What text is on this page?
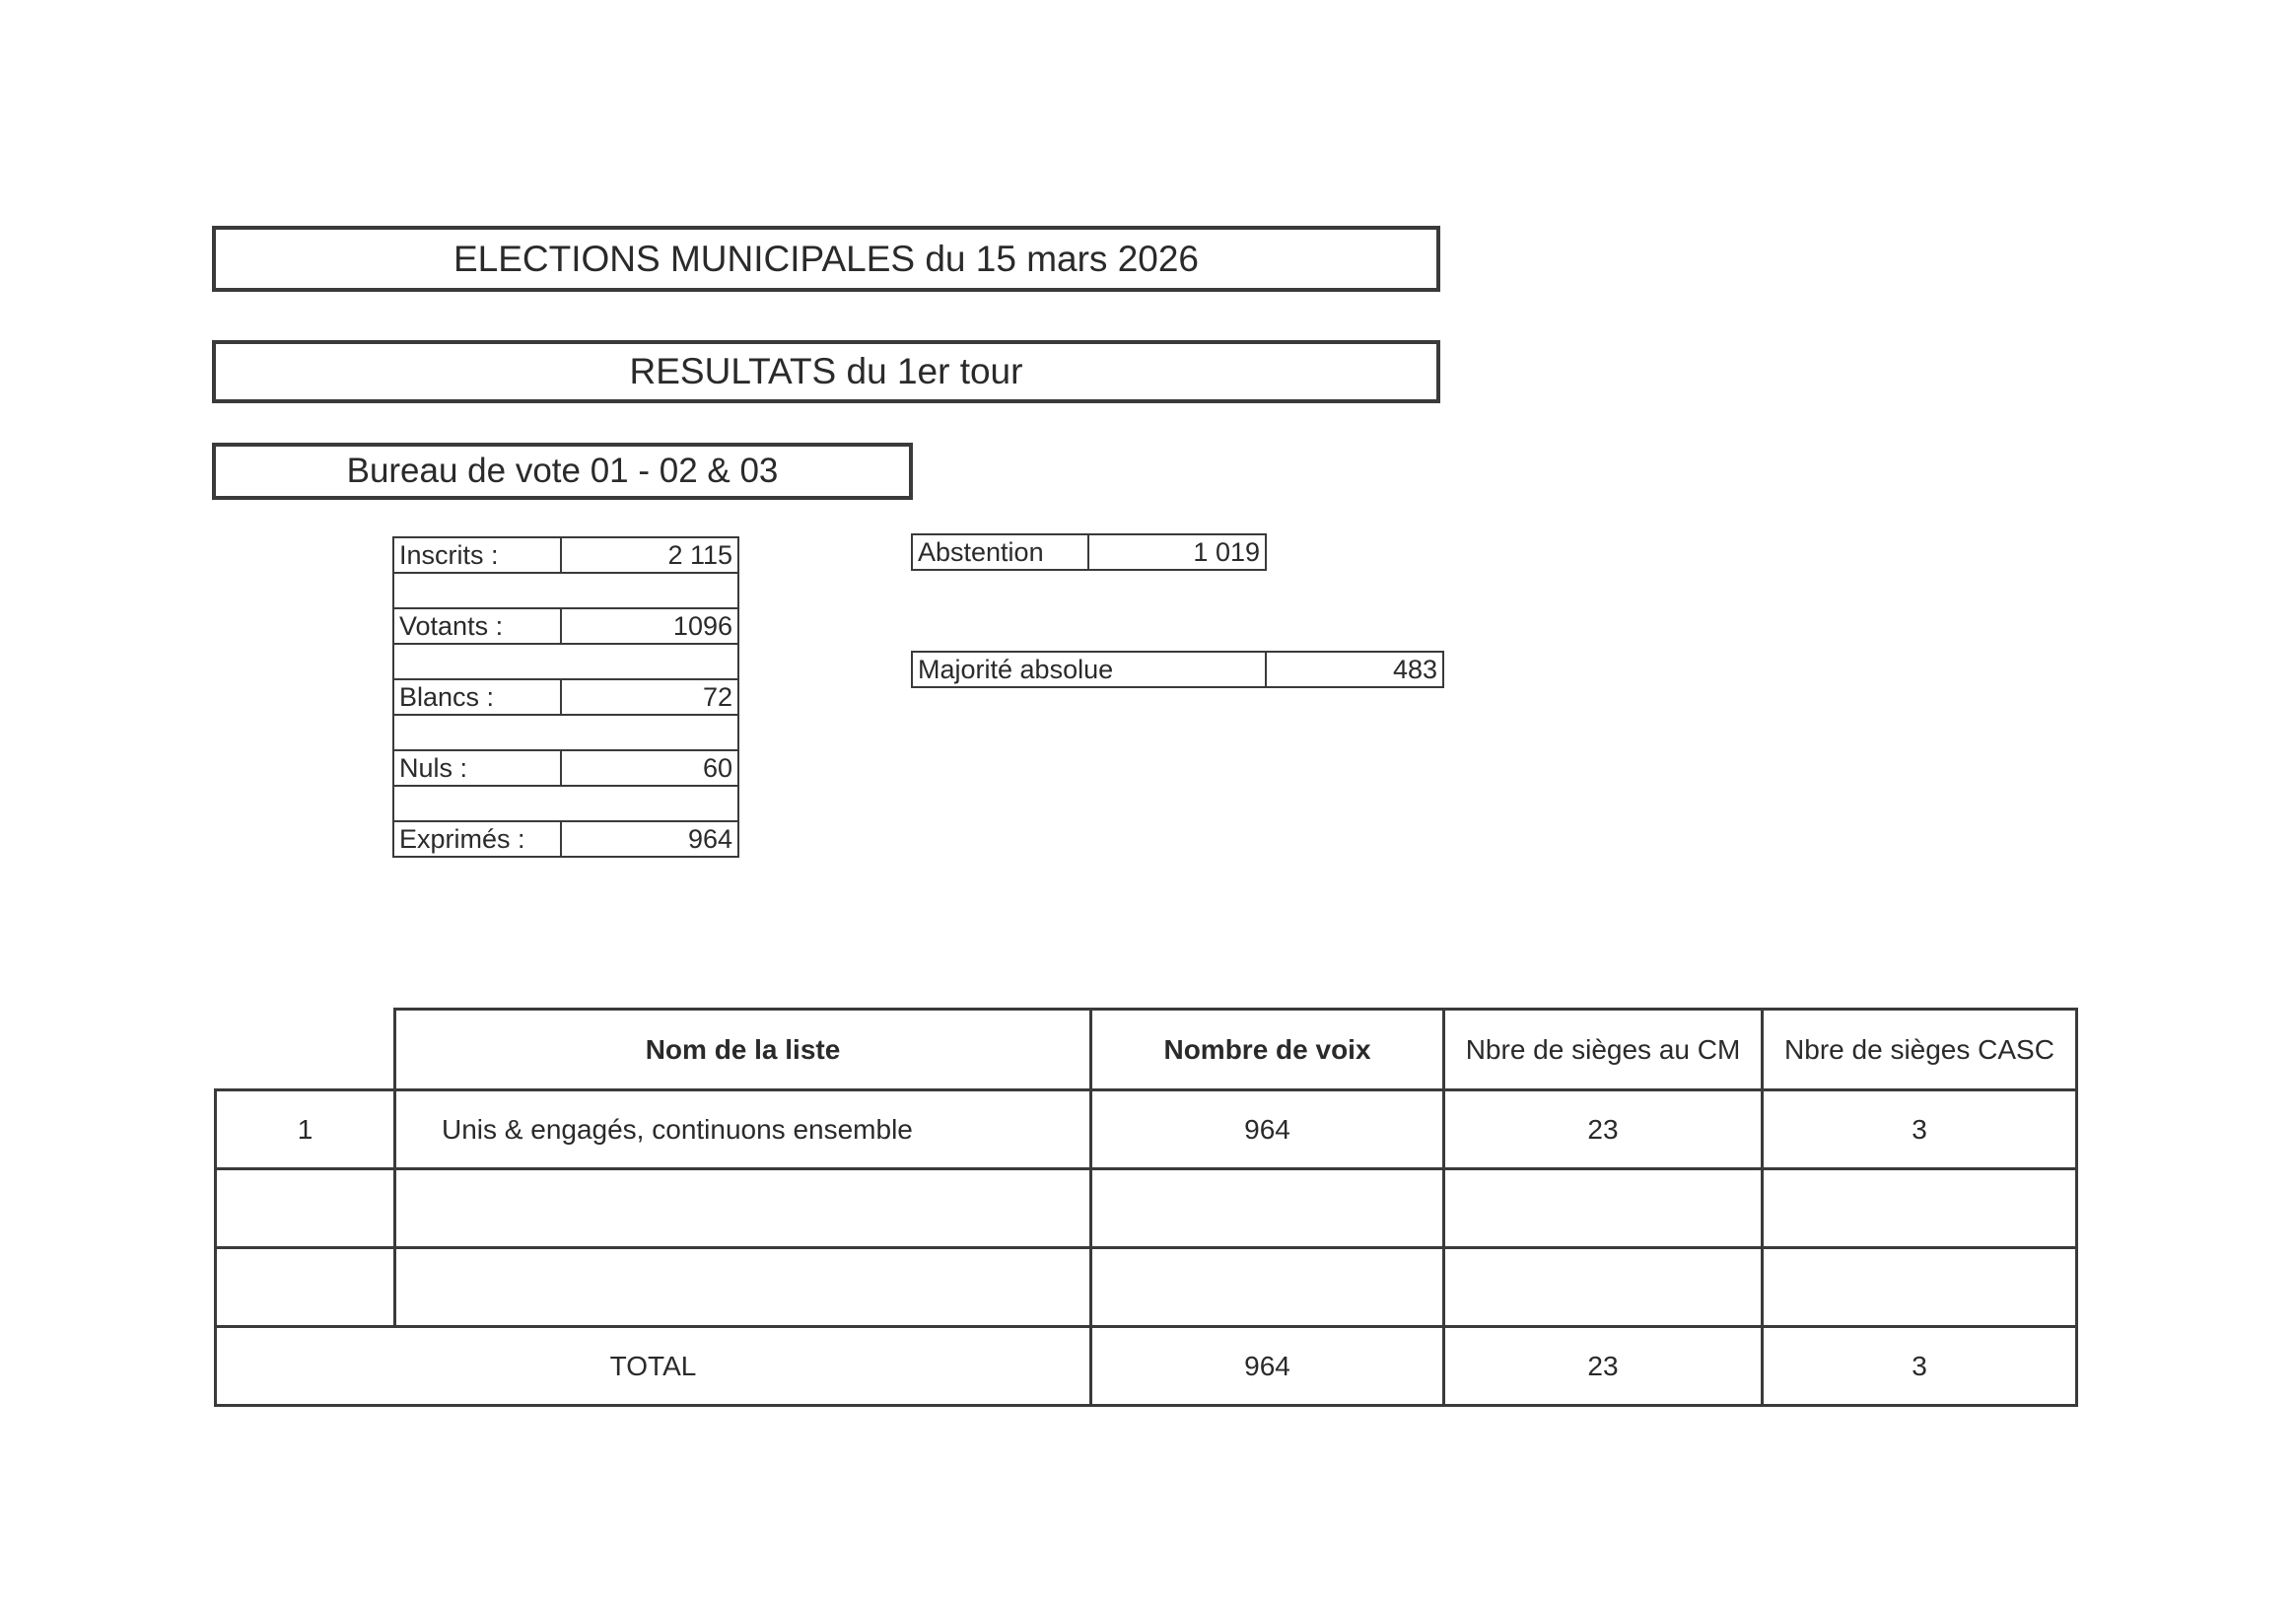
ELECTIONS MUNICIPALES du 15 mars 2026
RESULTATS du 1er tour
Bureau de vote 01 - 02 & 03
Inscrits :	2 115

Votants :	1096

Blancs :	72

Nuls :	60

Exprimés :	964
Abstention	1 019
Majorité absolue	483
	Nom de la liste	Nombre de voix	Nbre de sièges au CM	Nbre de sièges CASC
1	Unis & engagés, continuons ensemble	964	23	3

TOTAL		964	23	3
